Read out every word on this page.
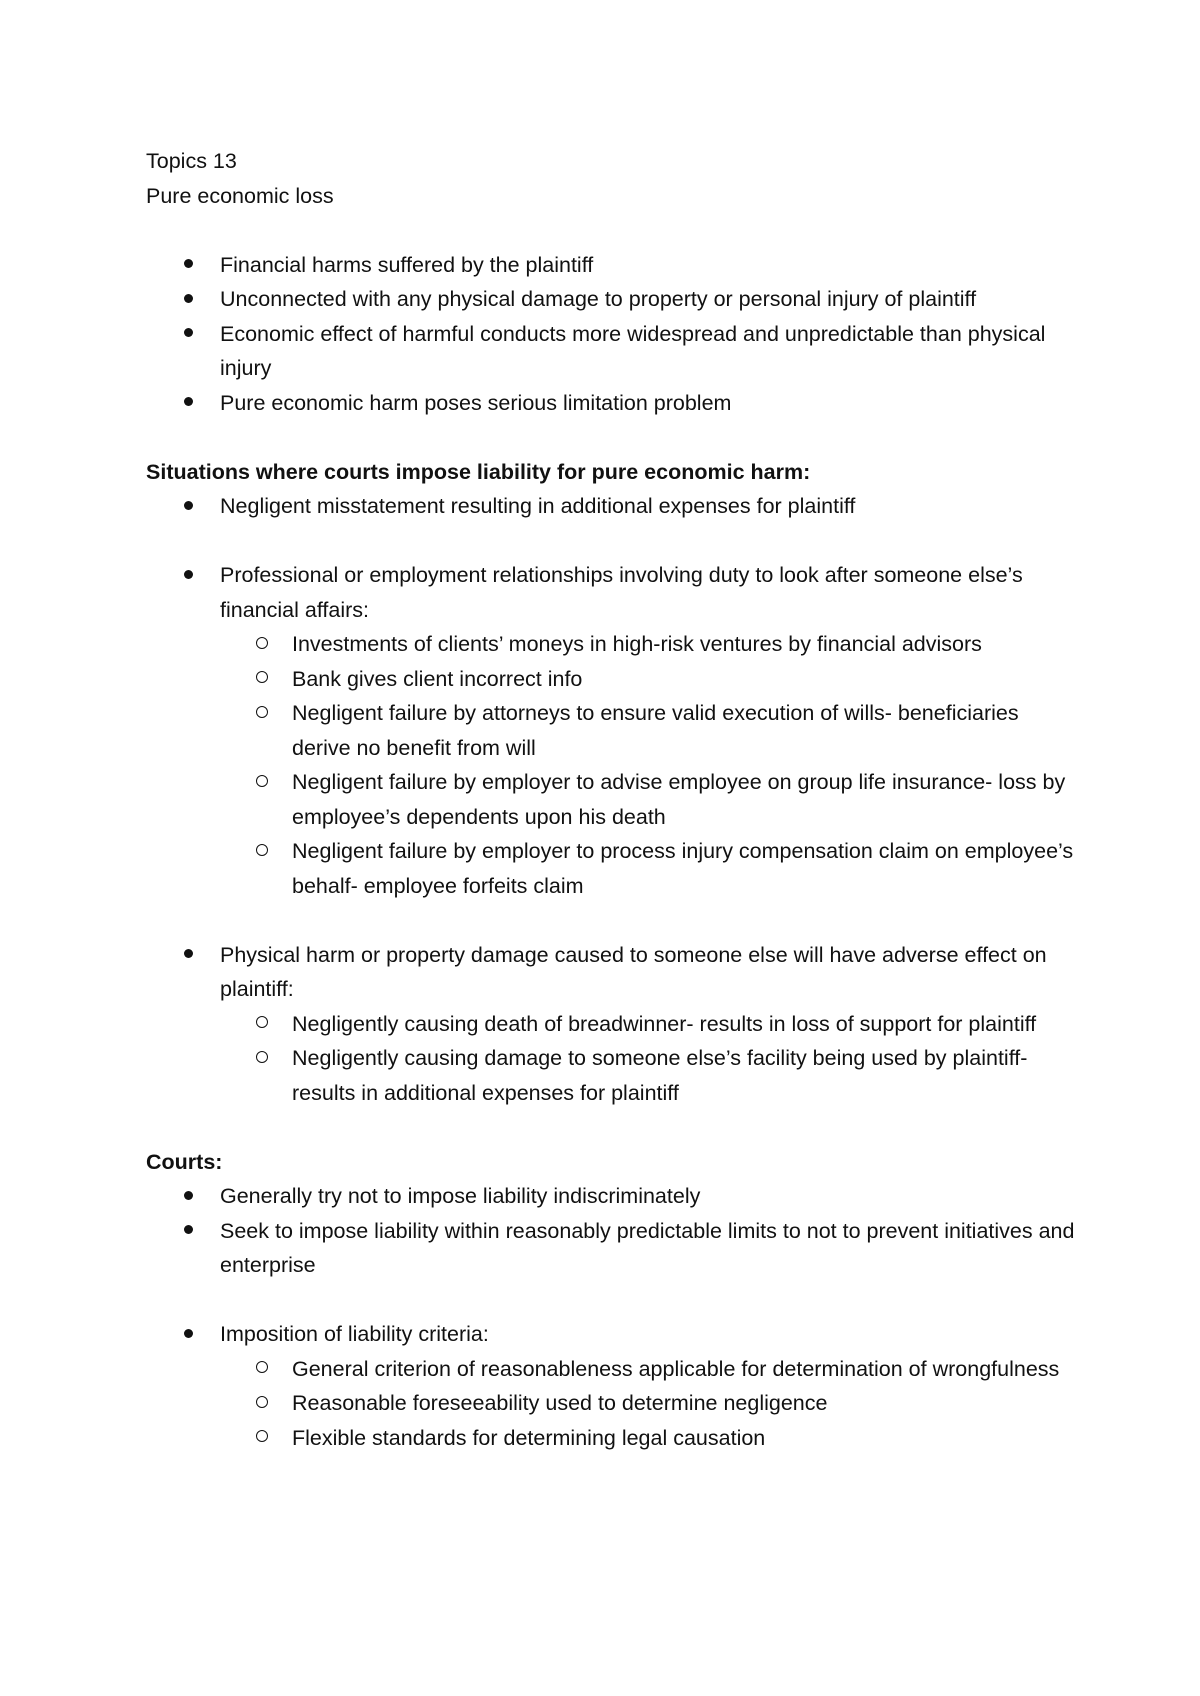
Topics 13

Pure economic loss

Financial harms suffered by the plaintiff
Unconnected with any physical damage to property or personal injury of plaintiff
Economic effect of harmful conducts more widespread and unpredictable than physical injury
Pure economic harm poses serious limitation problem

Situations where courts impose liability for pure economic harm:

Negligent misstatement resulting in additional expenses for plaintiff
Professional or employment relationships involving duty to look after someone else’s financial affairs:
Investments of clients’ moneys in high-risk ventures by financial advisors
Bank gives client incorrect info
Negligent failure by attorneys to ensure valid execution of wills- beneficiaries derive no benefit from will
Negligent failure by employer to advise employee on group life insurance- loss by employee’s dependents upon his death
Negligent failure by employer to process injury compensation claim on employee’s behalf- employee forfeits claim
Physical harm or property damage caused to someone else will have adverse effect on plaintiff:
Negligently causing death of breadwinner- results in loss of support for plaintiff
Negligently causing damage to someone else’s facility being used by plaintiff- results in additional expenses for plaintiff

Courts:

Generally try not to impose liability indiscriminately
Seek to impose liability within reasonably predictable limits to not to prevent initiatives and enterprise
Imposition of liability criteria:
General criterion of reasonableness applicable for determination of wrongfulness
Reasonable foreseeability used to determine negligence
Flexible standards for determining legal causation
